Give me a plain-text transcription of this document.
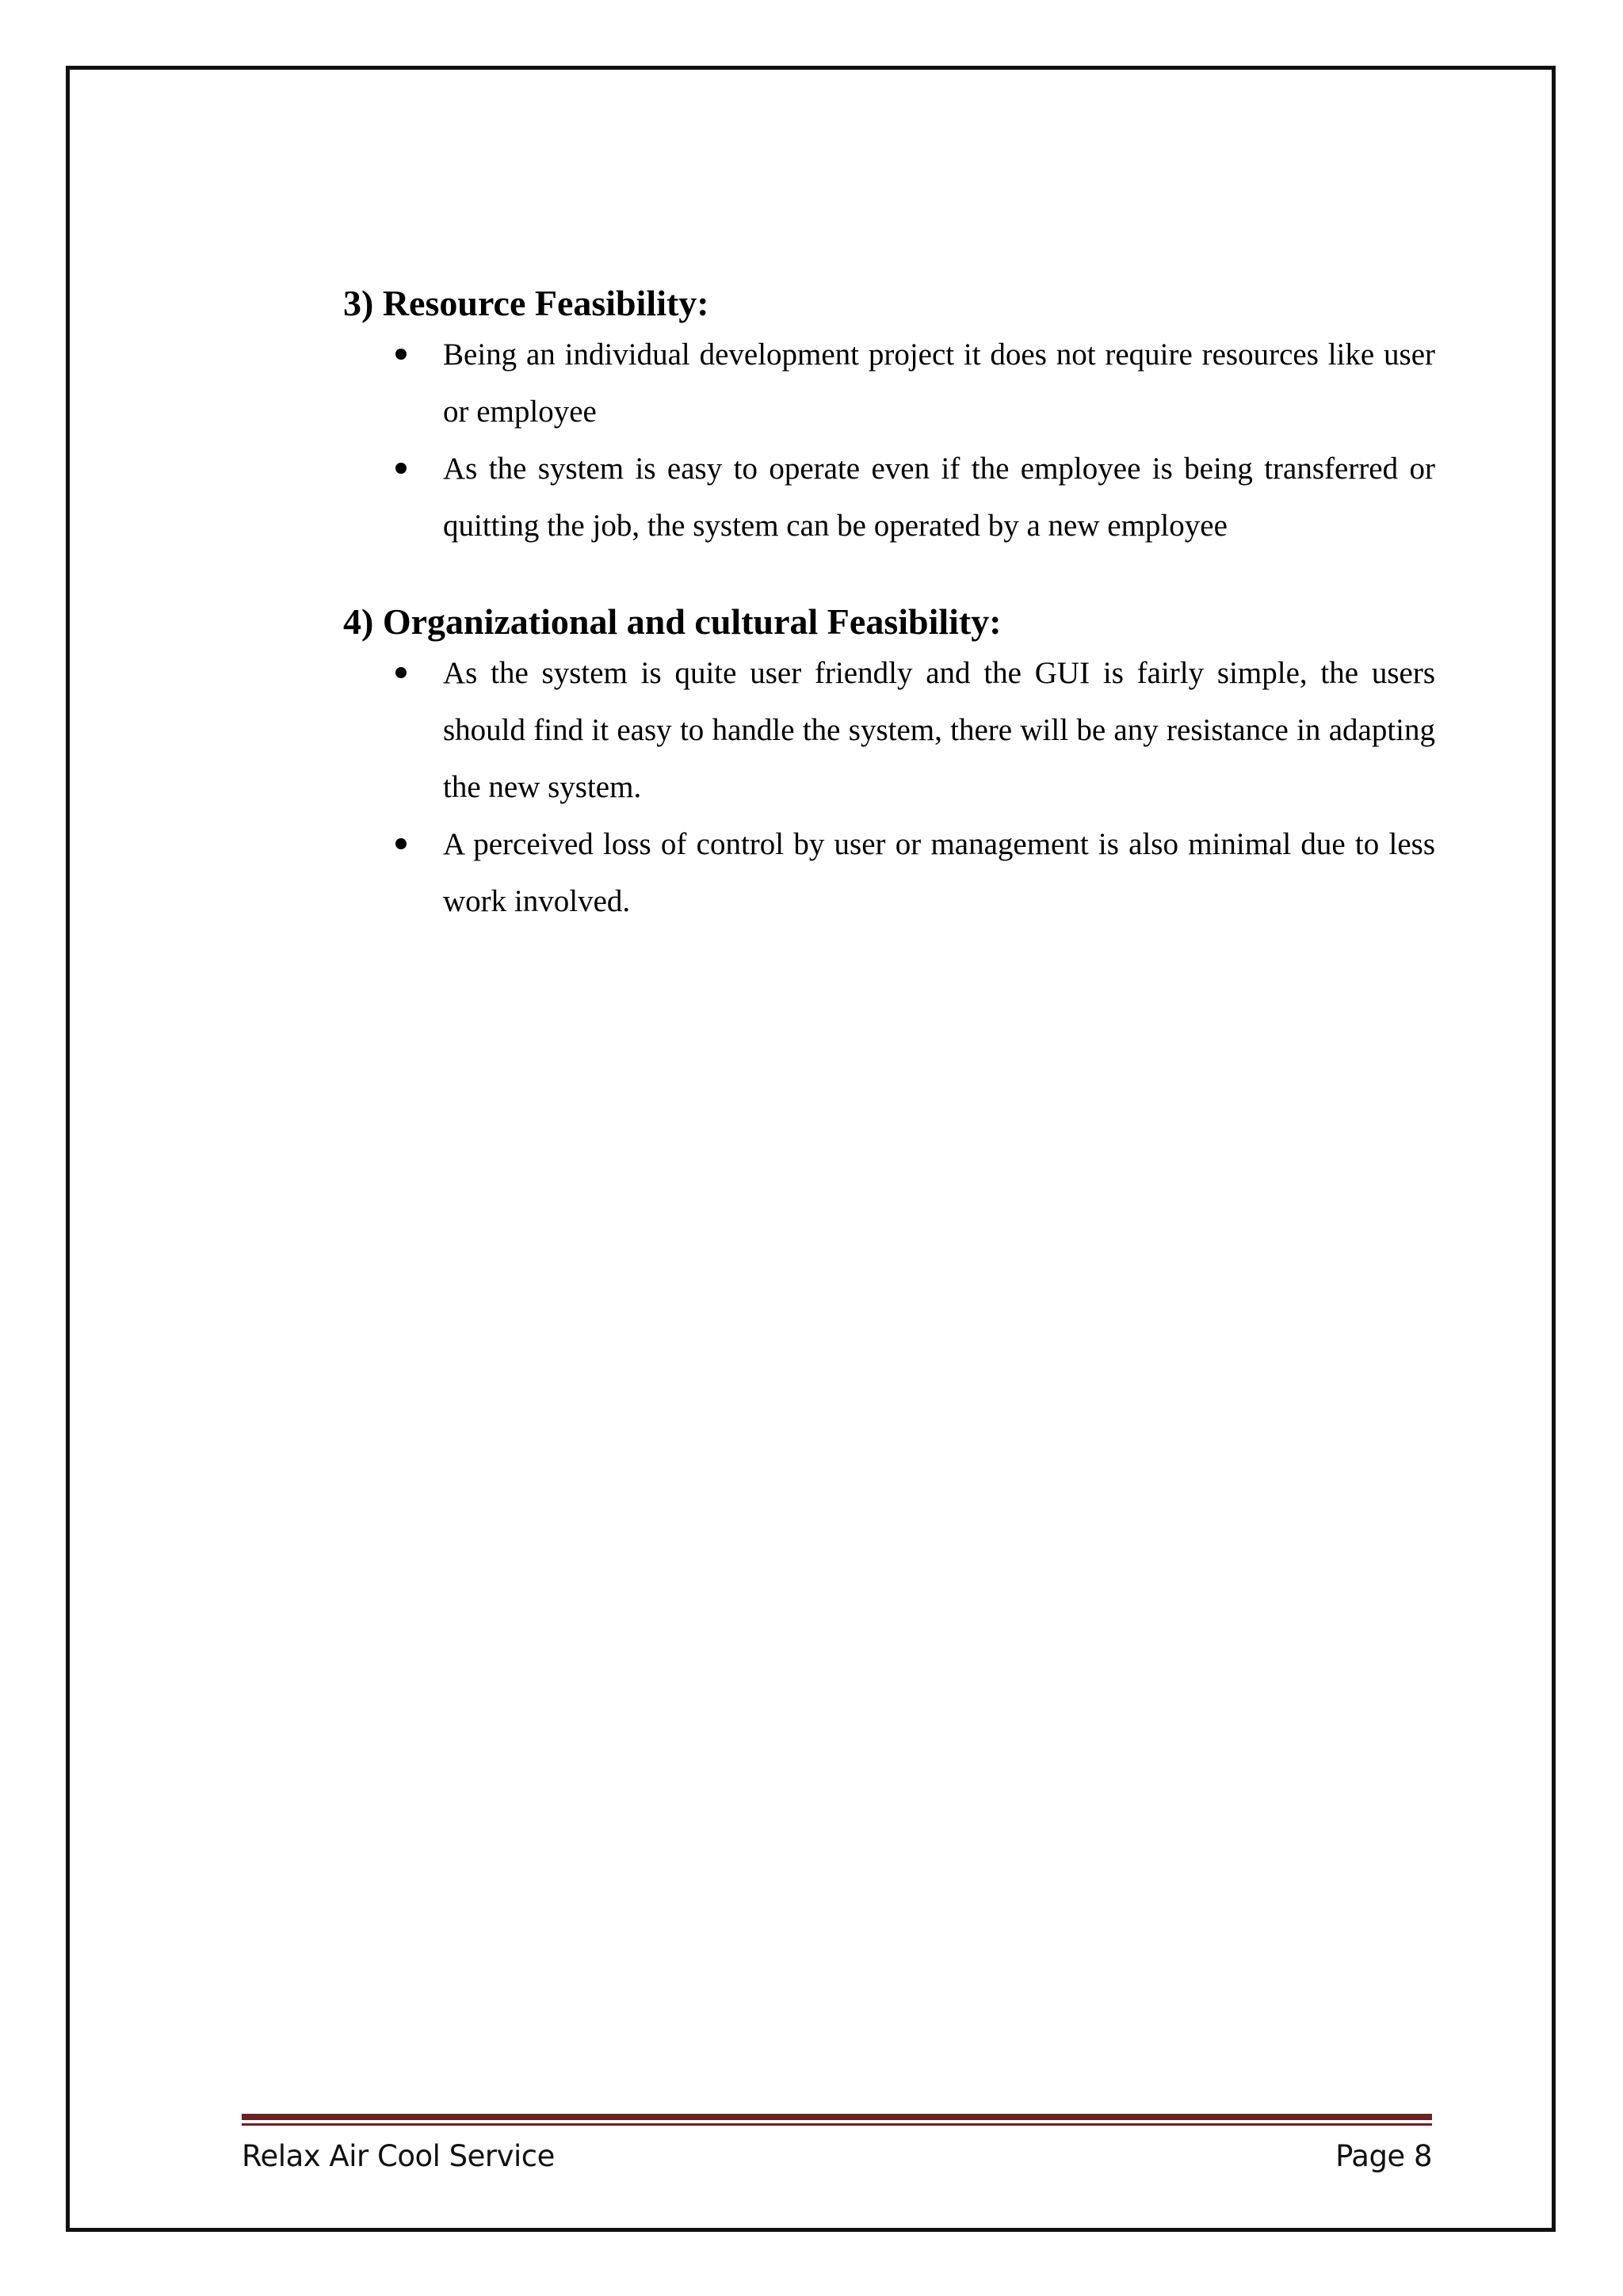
3) Resource Feasibility:
Being an individual development project it does not require resources like user or employee
As the system is easy to operate even if the employee is being transferred or quitting the job, the system can be operated by a new employee
4) Organizational and cultural Feasibility:
As the system is quite user friendly and the GUI is fairly simple, the users should find it easy to handle the system, there will be any resistance in adapting the new system.
A perceived loss of control by user or management is also minimal due to less work involved.
Relax Air Cool Service	Page 8
